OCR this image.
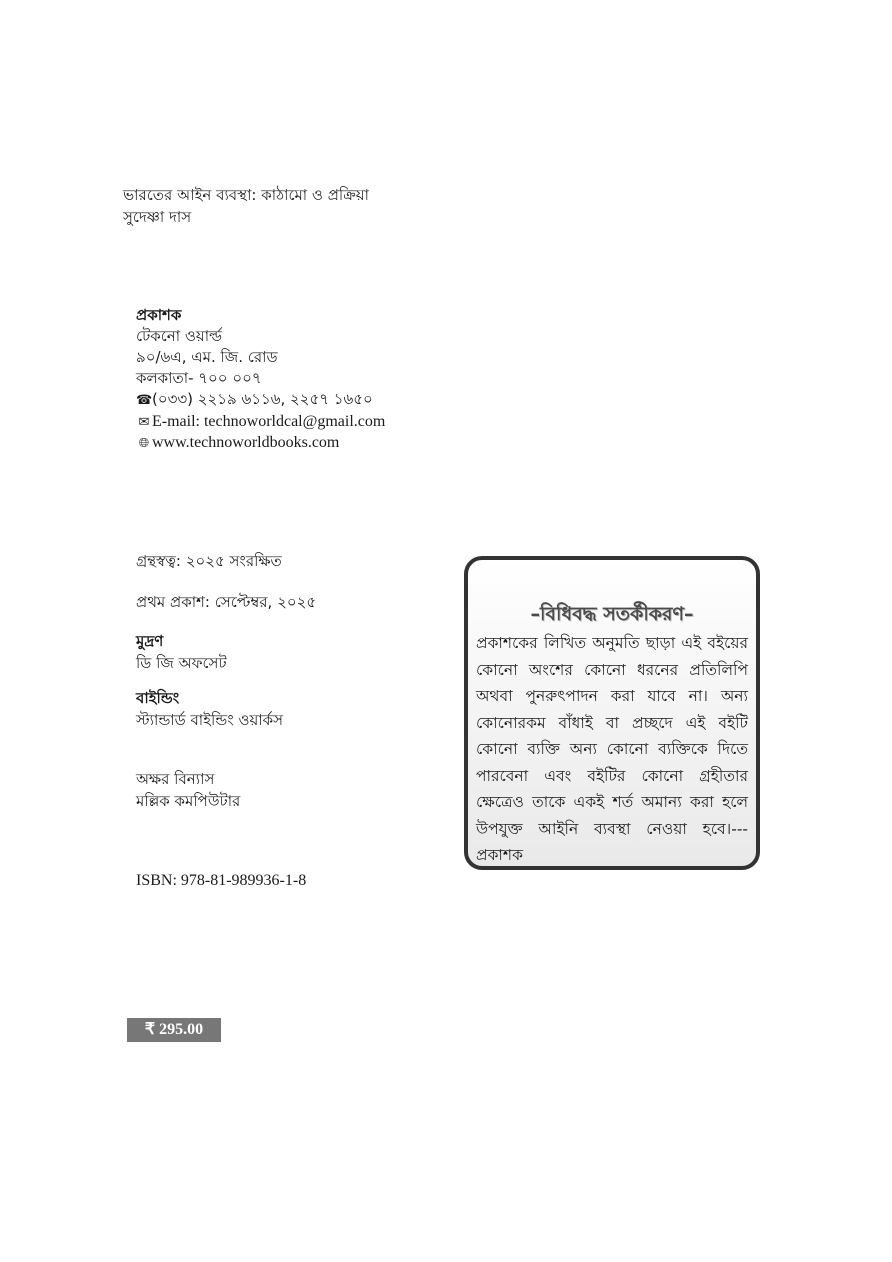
ভারতের আইন ব্যবস্থা: কাঠামো ও প্রক্রিয়া
সুদেষ্ণা দাস
প্রকাশক
টেকনো ওয়ার্ল্ড
৯০/৬এ, এম. জি. রোড
কলকাতা- ৭০০ ০০৭
☎(০৩৩) ২২১৯ ৬১১৬, ২২৫৭ ১৬৫০
✉ E-mail: technoworldcal@gmail.com
🌐︎ www.technoworldbooks.com
গ্রন্থস্বত্ব: ২০২৫ সংরক্ষিত
প্রথম প্রকাশ: সেপ্টেম্বর, ২০২৫
মুদ্রণ
ডি জি অফসেট
বাইন্ডিং
স্ট্যান্ডার্ড বাইন্ডিং ওয়ার্কস
অক্ষর বিন্যাস
মল্লিক কমপিউটার
ISBN: 978-81-989936-1-8
₹ 295.00
–বিধিবদ্ধ সতর্কীকরণ–
প্রকাশকের লিখিত অনুমতি ছাড়া এই বইয়ের কোনো অংশের কোনো ধরনের প্রতিলিপি অথবা পুনরুৎপাদন করা যাবে না। অন্য কোনোরকম বাঁধাই বা প্রচ্ছদে এই বইটি কোনো ব্যক্তি অন্য কোনো ব্যক্তিকে দিতে পারবেনা এবং বইটির কোনো গ্রহীতার ক্ষেত্রেও তাকে একই শর্ত অমান্য করা হলে উপযুক্ত আইনি ব্যবস্থা নেওয়া হবে।---প্রকাশক
